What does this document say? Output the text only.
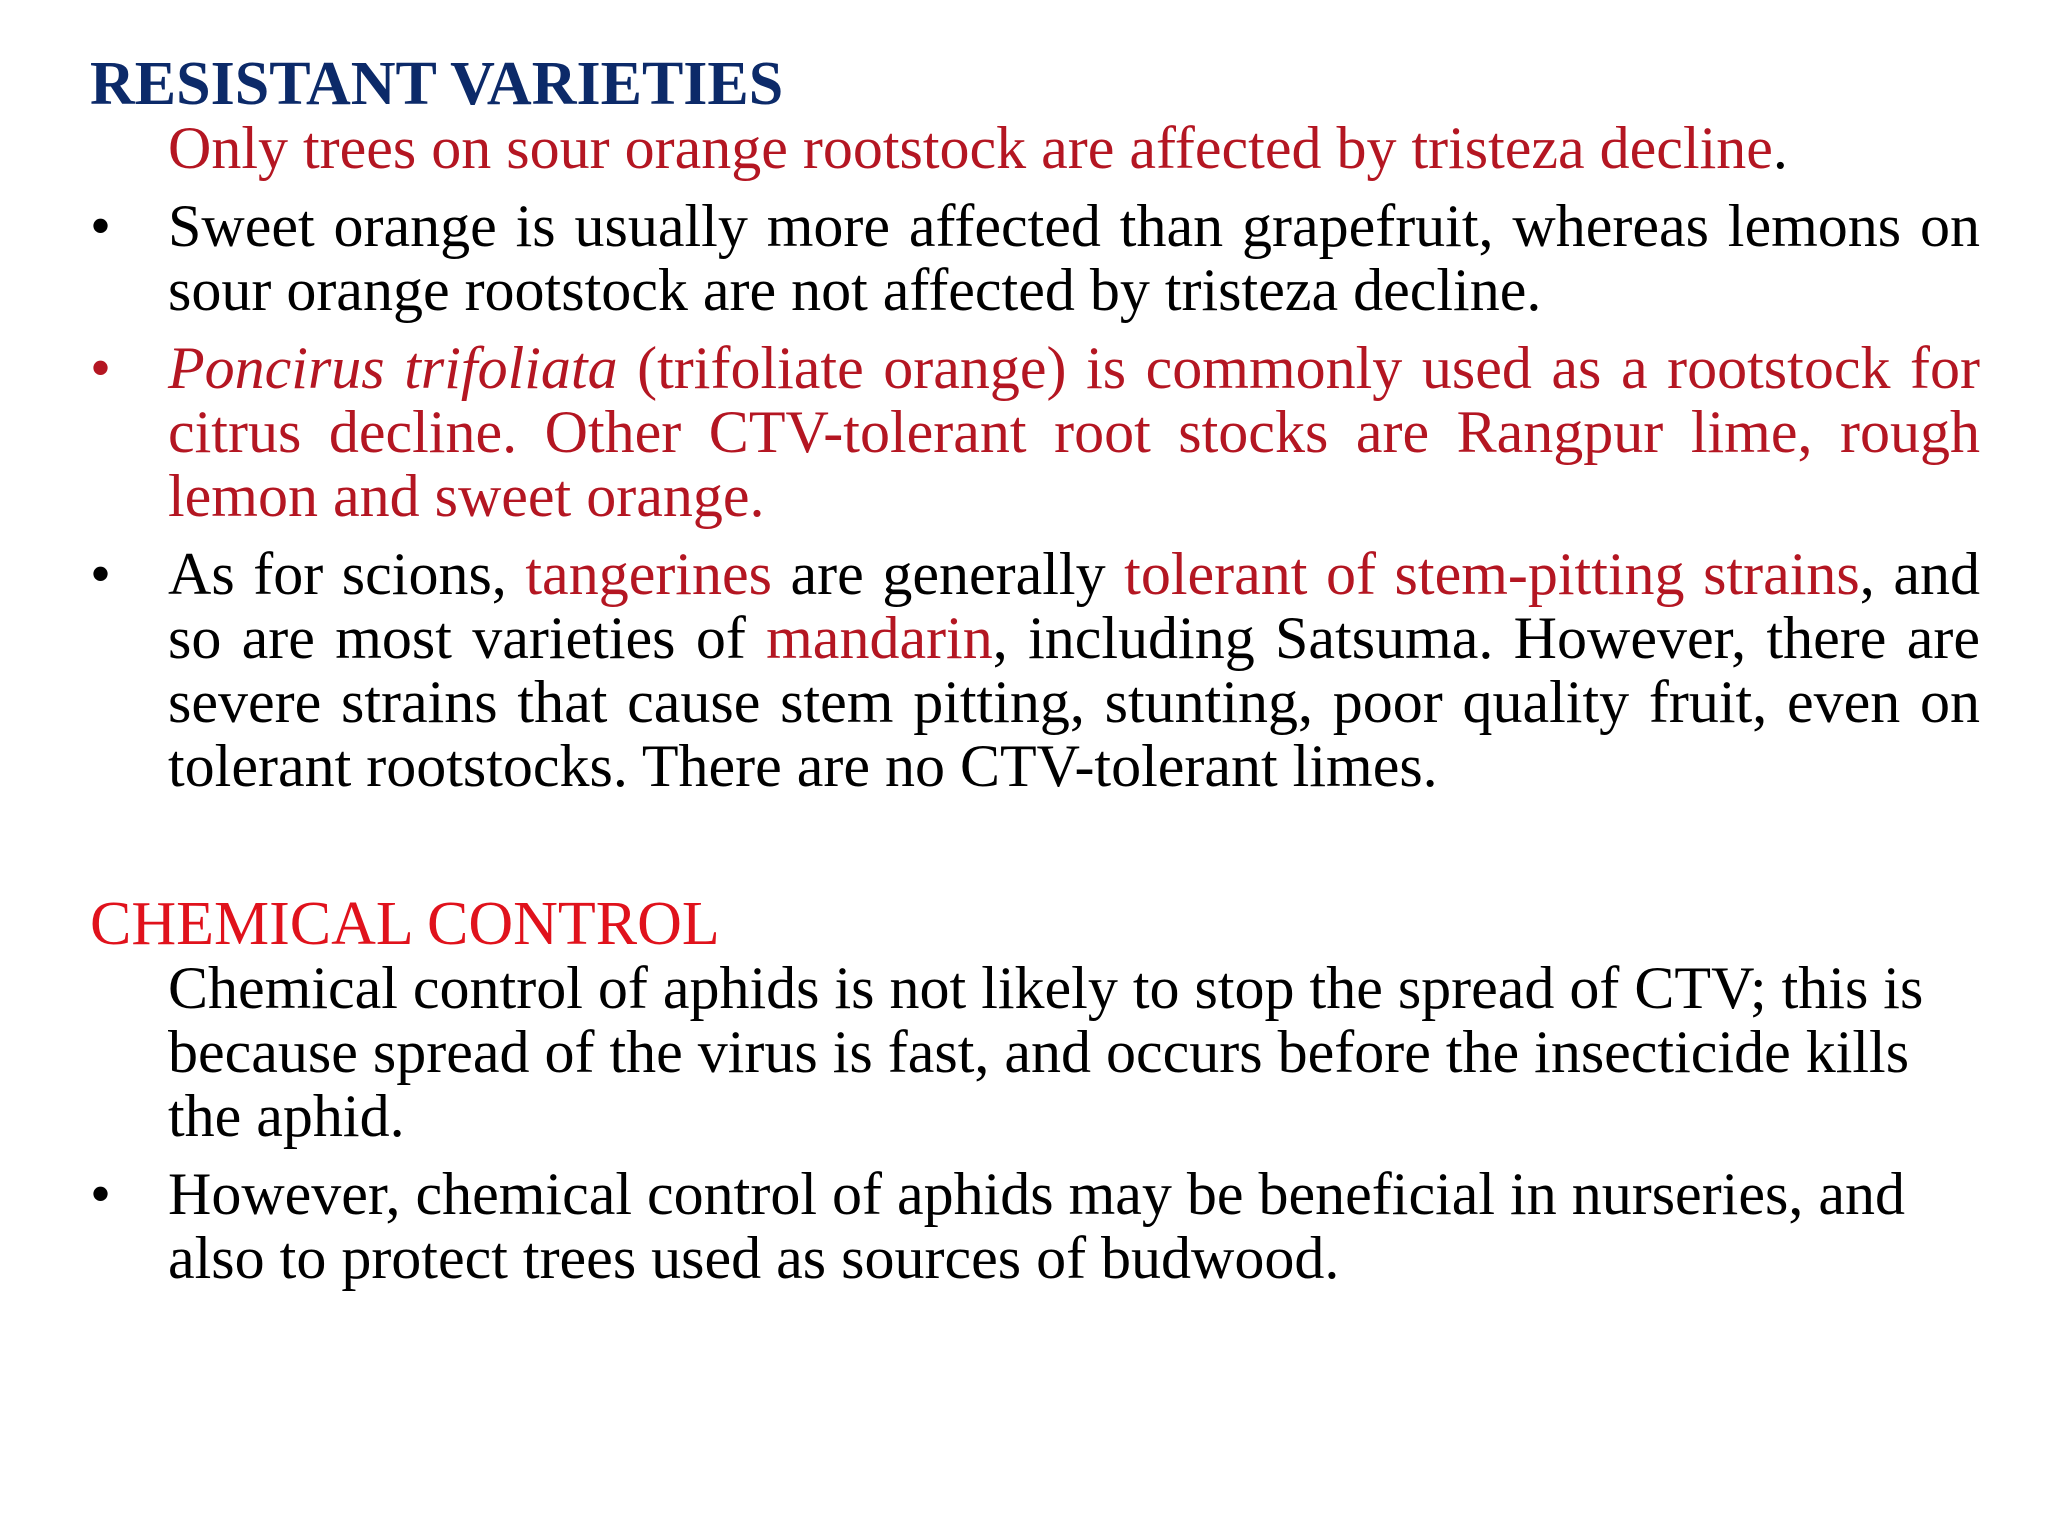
RESISTANT VARIETIES

Only trees on sour orange rootstock are affected by tristeza decline.

• Sweet orange is usually more affected than grapefruit, whereas lemons on sour orange rootstock are not affected by tristeza decline.
• Poncirus trifoliata (trifoliate orange) is commonly used as a rootstock for citrus decline. Other CTV-tolerant root stocks are Rangpur lime, rough lemon and sweet orange.
• As for scions, tangerines are generally tolerant of stem-pitting strains, and so are most varieties of mandarin, including Satsuma. However, there are severe strains that cause stem pitting, stunting, poor quality fruit, even on tolerant rootstocks. There are no CTV-tolerant limes.
CHEMICAL CONTROL

Chemical control of aphids is not likely to stop the spread of CTV; this is because spread of the virus is fast, and occurs before the insecticide kills the aphid.

• However, chemical control of aphids may be beneficial in nurseries, and also to protect trees used as sources of budwood.
